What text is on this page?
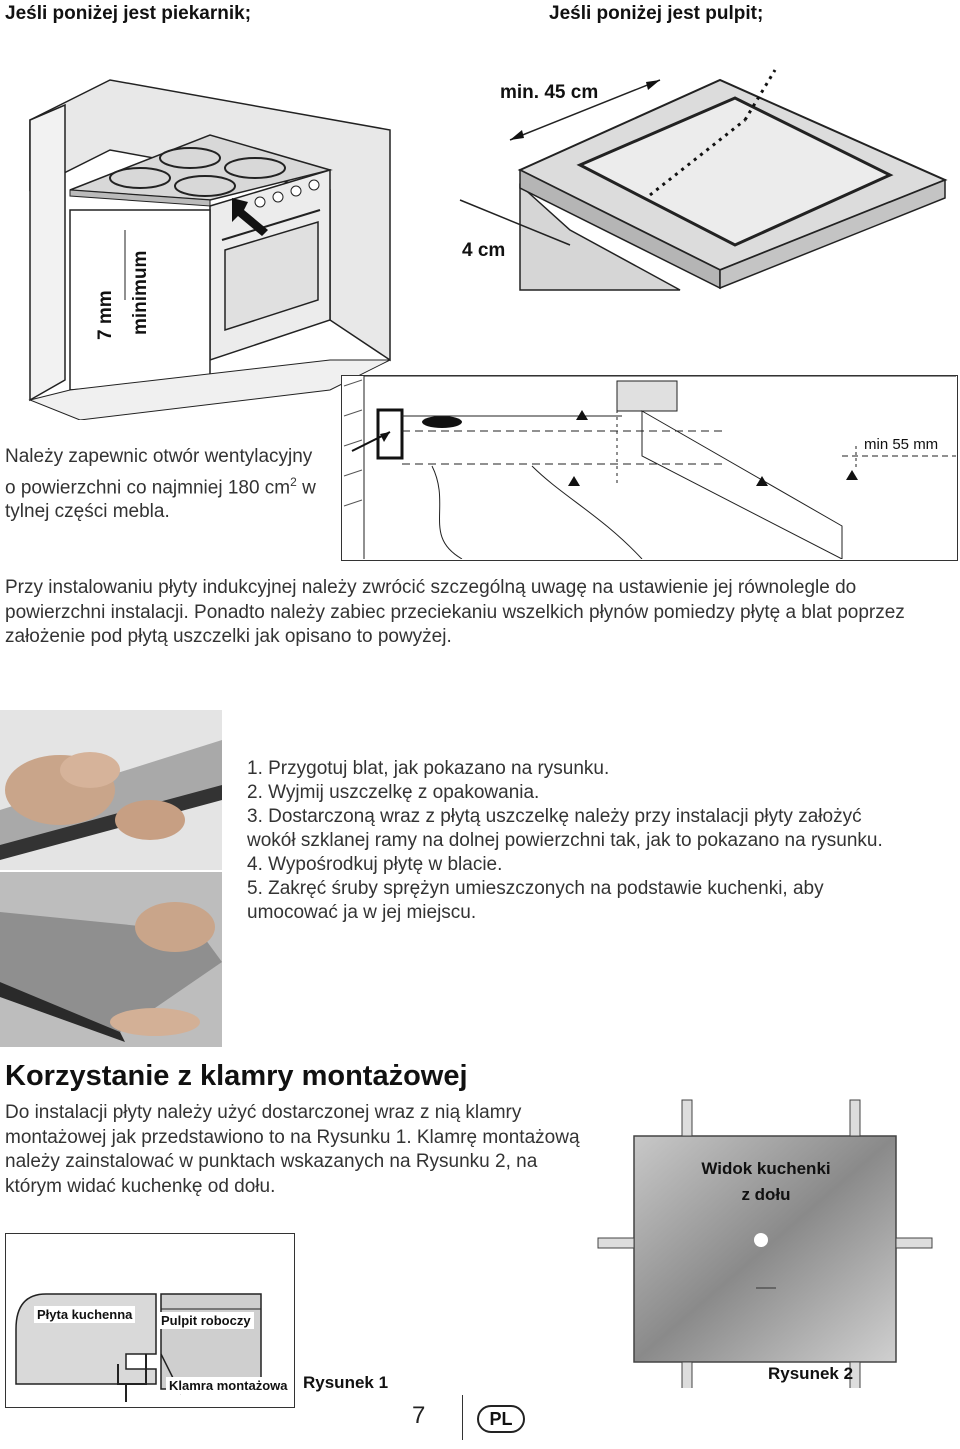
Jeśli poniżej jest piekarnik;	Jeśli poniżej jest pulpit;
7 mm minimum
min. 45 cm
4 cm
min 55 mm
Należy zapewnic otwór wentylacyjny o powierzchni co najmniej 180 $cm^2$ w tylnej części mebla.
Przy instalowaniu płyty indukcyjnej należy zwrócić szczególną uwagę na ustawienie jej równolegle do powierzchni instalacji. Ponadto należy zabiec przeciekaniu wszelkich płynów pomiedzy płytę a blat poprzez założenie pod płytą uszczelki jak opisano to powyżej.
1. Przygotuj blat, jak pokazano na rysunku.
2. Wyjmij uszczelkę z opakowania.
3. Dostarczoną wraz z płytą uszczelkę należy przy instalacji płyty założyć wokół szklanej ramy na dolnej powierzchni tak, jak to pokazano na rysunku.
4. Wypośrodkuj płytę w blacie.
5. Zakręć śruby sprężyn umieszczonych na podstawie kuchenki, aby umocować ja w jej miejscu.
Korzystanie z klamry montażowej
Do instalacji płyty należy użyć dostarczonej wraz z nią klamry montażowej jak przedstawiono to na Rysunku 1. Klamrę montażową należy zainstalować w punktach wskazanych na Rysunku 2, na którym widać kuchenkę od dołu.
Płyta kuchenna Pulpit roboczy
Klamra montażowa Rysunek 1
Widok kuchenki
z dołu
Rysunek 2
7	PL
